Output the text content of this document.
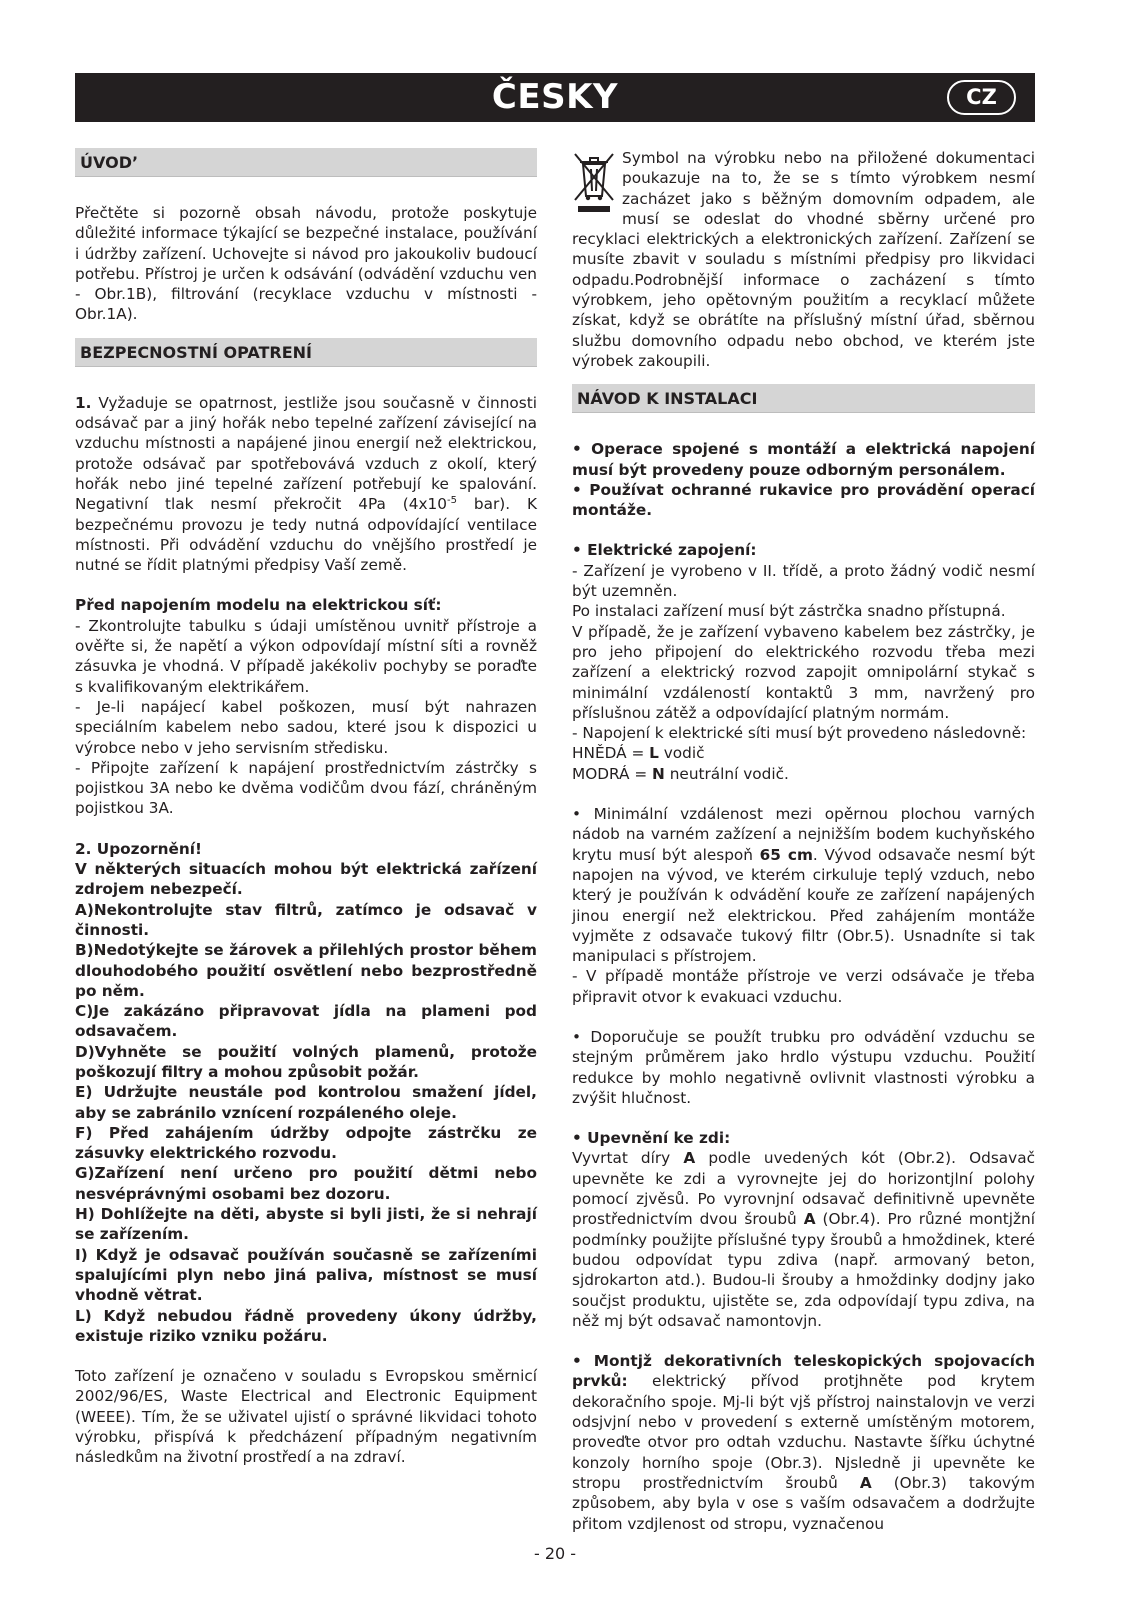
ČESKY	CZ
ÚVOD’

Přečtěte si pozorně obsah návodu, protože poskytuje důležité informace týkající se bezpečné instalace, používání i údržby zařízení. Uchovejte si návod pro jakoukoliv budoucí potřebu. Přístroj je určen k odsávání (odvádění vzduchu ven - Obr.1B), filtrování (recyklace vzduchu v místnosti - Obr.1A).

BEZPECNOSTNÍ OPATRENÍ

1. Vyžaduje se opatrnost, jestliže jsou současně v činnosti odsávač par a jiný hořák nebo tepelné zařízení závisející na vzduchu místnosti a napájené jinou energií než elektrickou, protože odsávač par spotřebovává vzduch z okolí, který hořák nebo jiné tepelné zařízení potřebují ke spalování. Negativní tlak nesmí překročit 4Pa ($4x10^{-5}$ bar). K bezpečnému provozu je tedy nutná odpovídající ventilace místnosti. Při odvádění vzduchu do vnějšího prostředí je nutné se řídit platnými předpisy Vaší země.

Před napojením modelu na elektrickou síť:

- Zkontrolujte tabulku s údaji umístěnou uvnitř přístroje a ověřte si, že napětí a výkon odpovídají místní síti a rovněž zásuvka je vhodná. V případě jakékoliv pochyby se poraďte s kvalifikovaným elektrikářem.

- Je-li napájecí kabel poškozen, musí být nahrazen speciálním kabelem nebo sadou, které jsou k dispozici u výrobce nebo v jeho servisním středisku.

- Připojte zařízení k napájení prostřednictvím zástrčky s pojistkou 3A nebo ke dvěma vodičům dvou fází, chráněným pojistkou 3A.

2. Upozornění!

V některých situacích mohou být elektrická zařízení zdrojem nebezpečí.

A)Nekontrolujte stav filtrů, zatímco je odsavač v činnosti.

B)Nedotýkejte se žárovek a přilehlých prostor během dlouhodobého použití osvětlení nebo bezprostředně po něm.

C)Je zakázáno připravovat jídla na plameni pod odsavačem.

D)Vyhněte se použití volných plamenů, protože poškozují filtry a mohou způsobit požár.

E) Udržujte neustále pod kontrolou smažení jídel, aby se zabránilo vznícení rozpáleného oleje.

F) Před zahájením údržby odpojte zástrčku ze zásuvky elektrického rozvodu.

G)Zařízení není určeno pro použití dětmi nebo nesvéprávnými osobami bez dozoru.

H) Dohlížejte na děti, abyste si byli jisti, že si nehrají se zařízením.

I) Když je odsavač používán současně se zařízeními spalujícími plyn nebo jiná paliva, místnost se musí vhodně větrat.

L) Když nebudou řádně provedeny úkony údržby, existuje riziko vzniku požáru.

Toto zařízení je označeno v souladu s Evropskou směrnicí 2002/96/ES, Waste Electrical and Electronic Equipment (WEEE). Tím, že se uživatel ujistí o správné likvidaci tohoto výrobku, přispívá k předcházení případným negativním následkům na životní prostředí a na zdraví.

Symbol na výrobku nebo na přiložené dokumentaci poukazuje na to, že se s tímto výrobkem nesmí zacházet jako s běžným domovním odpadem, ale musí se odeslat do vhodné sběrny určené pro recyklaci elektrických a elektronických zařízení. Zařízení se musíte zbavit v souladu s místními předpisy pro likvidaci odpadu.Podrobnější informace o zacházení s tímto výrobkem, jeho opětovným použitím a recyklací můžete získat, když se obrátíte na příslušný místní úřad, sběrnou službu domovního odpadu nebo obchod, ve kterém jste výrobek zakoupili.

NÁVOD K INSTALACI

• Operace spojené s montáží a elektrická napojení musí být provedeny pouze odborným personálem.

• Používat ochranné rukavice pro provádění operací montáže.

• Elektrické zapojení:

- Zařízení je vyrobeno v II. třídě, a proto žádný vodič nesmí být uzemněn.

Po instalaci zařízení musí být zástrčka snadno přístupná.

V případě, že je zařízení vybaveno kabelem bez zástrčky, je pro jeho připojení do elektrického rozvodu třeba mezi zařízení a elektrický rozvod zapojit omnipolární stykač s minimální vzdáleností kontaktů 3 mm, navržený pro příslušnou zátěž a odpovídající platným normám.

- Napojení k elektrické síti musí být provedeno následovně:

HNĚDÁ = L vodič

MODRÁ = N neutrální vodič.

• Minimální vzdálenost mezi opěrnou plochou varných nádob na varném zažízení a nejnižším bodem kuchyňského krytu musí být alespoň 65 cm. Vývod odsavače nesmí být napojen na vývod, ve kterém cirkuluje teplý vzduch, nebo který je používán k odvádění kouře ze zařízení napájených jinou energií než elektrickou. Před zahájením montáže vyjměte z odsavače tukový filtr (Obr.5). Usnadníte si tak manipulaci s přístrojem.

- V případě montáže přístroje ve verzi odsávače je třeba připravit otvor k evakuaci vzduchu.

• Doporučuje se použít trubku pro odvádění vzduchu se stejným průměrem jako hrdlo výstupu vzduchu. Použití redukce by mohlo negativně ovlivnit vlastnosti výrobku a zvýšit hlučnost.

• Upevnění ke zdi:

Vyvrtat díry A podle uvedených kót (Obr.2). Odsavač upevněte ke zdi a vyrovnejte jej do horizontjlní polohy pomocí zjvěsů. Po vyrovnjní odsavač definitivně upevněte prostřednictvím dvou šroubů A (Obr.4). Pro různé montjžní podmínky použijte příslušné typy šroubů a hmoždinek, které budou odpovídat typu zdiva (např. armovaný beton, sjdrokarton atd.). Budou-li šrouby a hmoždinky dodjny jako součjst produktu, ujistěte se, zda odpovídají typu zdiva, na něž mj být odsavač namontovjn.

• Montjž dekorativních teleskopických spojovacích prvků: elektrický přívod protjhněte pod krytem dekoračního spoje. Mj-li být vjš přístroj nainstalovjn ve verzi odsjvjní nebo v provedení s externě umístěným motorem, proveďte otvor pro odtah vzduchu. Nastavte šířku úchytné konzoly horního spoje (Obr.3). Njsledně ji upevněte ke stropu prostřednictvím šroubů A (Obr.3) takovým způsobem, aby byla v ose s vaším odsavačem a dodržujte přitom vzdjlenost od stropu, vyznačenou

- 20 -
